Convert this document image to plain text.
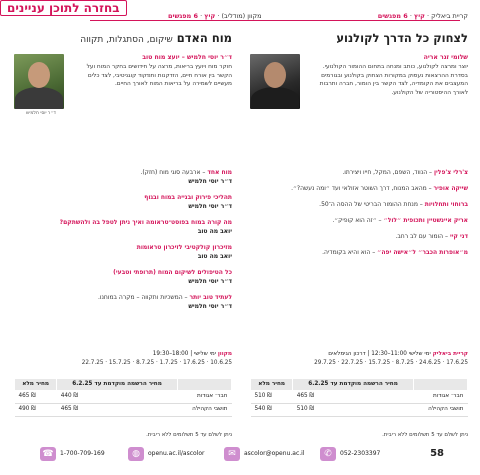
בחזרה לתוכן עניינים
קריית ביאליק · קיץ · 6 מפגשים
מקוון (מודליב) · קיץ · 6 מפגשים
לצחוק כל הדרך לקולנוע
שלומי זגר אריה
יוצר ומרצה לקולנוע, כותב ומנחה בתחום ההומור הקולנועי. בסדרת ההרצאות נעסוק במקורות הצחוק בקולנוע ובגורמים המעצבים את הקומדיה, לצד הקשר בין הומור, חברה ותרבות לאורך ההיסטוריה של הקולנוע.
צ'רלי צ'פלין – הנווד, השפם, המקל, חייו ויצירתו.
שייקה אופיר – מהאב המנוח, דרך השוטר אזולאי ועד ״ומה נעשה?״.
ברוחוי ותחלויות – מנחת ההומור הבריטי של ההסה ה־50.
אריק איינשטיין ותכופית ״לול״ – ״זה הוא קופיק״.
דני קיי – הומור עם לב רחב.
מ״אופרות הכבר״ ל״אישה יפה״ – הוא והיא בקומדיה.
מוח האדם שיקום, הסתגלות, תקווה
ד״ר יוסי חלמיש
ד״ר יוסי חלמיש – יועצ מוח טוב
חוקר מוח ויועץ בריאות, מרצה על חידושים בחקר המוח ועל הקשר בין אורח חיים, הזדקנות ותפקוד קוגניטיבי, לצד כלים מעשיים לשמירה על בריאות המוח לאורך החיים.
מוח אחד – ארבעה סוגי מוח (חזק).
ד״ר יוסי חלמיש
תהליכי פירוק ובנייה במוח ובגוף
ד״ר יוסי חלמיש
מה קורה במוח בפוסט־טראומה ואיך ניתן לטפל בה ולהשתקם?
יואב מה טוב
מזיכרון קולקטיבי לזיכרון טראומות
יואב מה טוב
כל הטיפולים לשיקום המוח (תרופתי וטבעי)
ד״ר יוסי חלמיש
לעתיד טוב יותר – המשכיות ותקווה – מקרה במוחנו.
ד״ר יוסי חלמיש
קריית ביאליק ימי שלישי 11:00–12:30 | דרכון הגימלאים
17.6.25 · 24.6.25 · 8.7.25 · 15.7.25 · 22.7.25 · 29.7.25
מקוון ימי שלישי | 18:00–19:30
10.6.25 · 17.6.25 · 1.7.25 · 8.7.25 · 15.7.25 · 22.7.25
	מחיר הרשמה מוקדמת עד 6.2.25	מחיר מלא
חבר׳ אגודות	465 ₪	510 ₪
תושבי הקהילה	510 ₪	540 ₪
	מחיר הרשמה מוקדמת עד 6.2.25	מחיר מלא
חבר׳ אגודות	440 ₪	465 ₪
תושבי הקהילה	465 ₪	490 ₪
ניתן לשלם עד 5 תשלומים ללא ריבית.
ניתן לשלם עד 5 תשלומים ללא ריבית.
☎	1-700-709-169	◍	openu.ac.il/ascolor	✉	ascolor@openu.ac.il	✆	052-2303397	58
